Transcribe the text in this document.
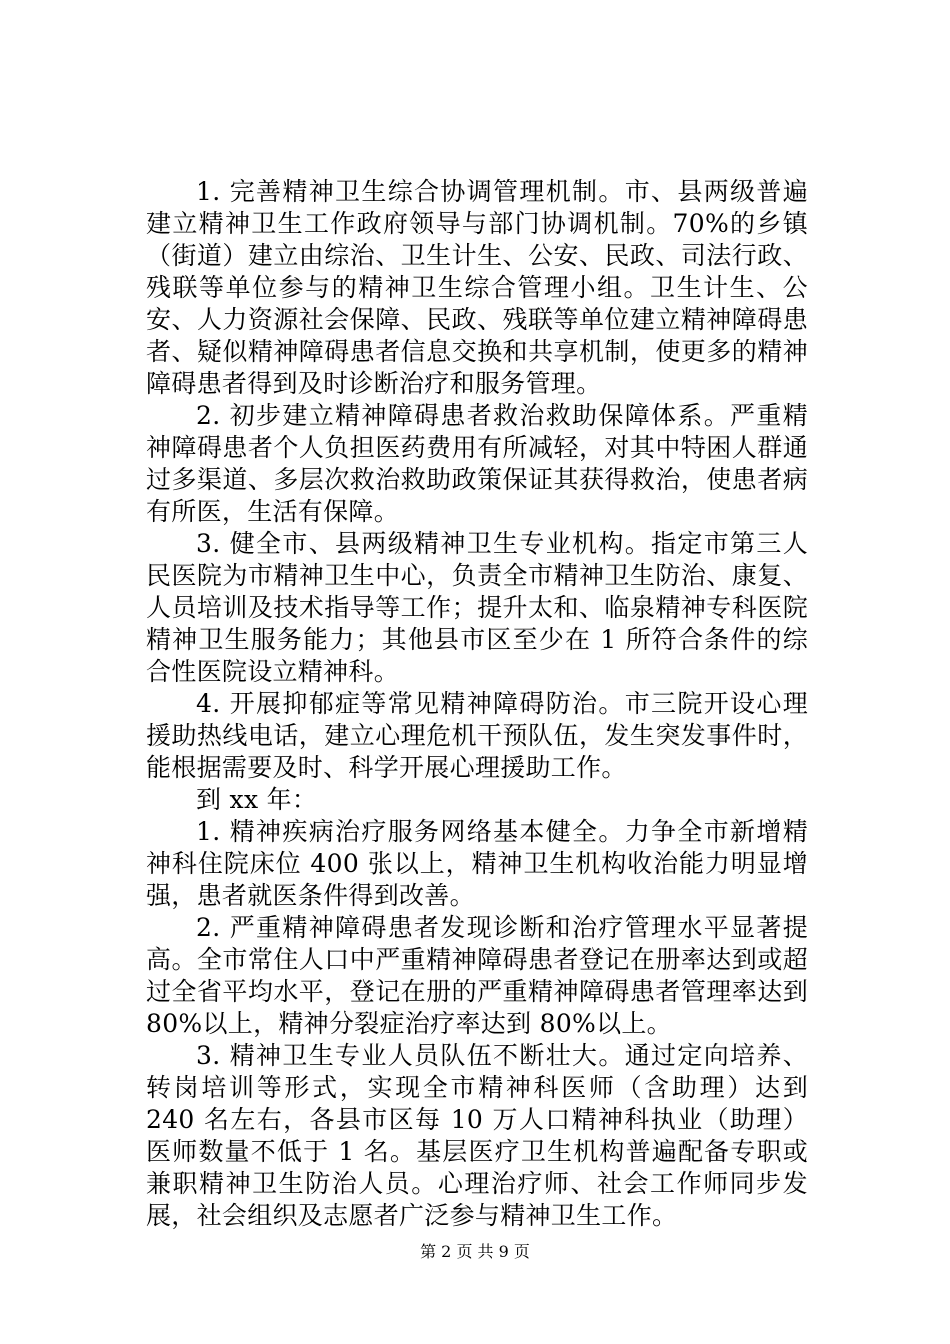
1. 完善精神卫生综合协调管理机制。市、县两级普遍建立精神卫生工作政府领导与部门协调机制。70%的乡镇（街道）建立由综治、卫生计生、公安、民政、司法行政、残联等单位参与的精神卫生综合管理小组。卫生计生、公安、人力资源社会保障、民政、残联等单位建立精神障碍患者、疑似精神障碍患者信息交换和共享机制，使更多的精神障碍患者得到及时诊断治疗和服务管理。

2. 初步建立精神障碍患者救治救助保障体系。严重精神障碍患者个人负担医药费用有所减轻，对其中特困人群通过多渠道、多层次救治救助政策保证其获得救治，使患者病有所医，生活有保障。

3. 健全市、县两级精神卫生专业机构。指定市第三人民医院为市精神卫生中心，负责全市精神卫生防治、康复、人员培训及技术指导等工作；提升太和、临泉精神专科医院精神卫生服务能力；其他县市区至少在 1 所符合条件的综合性医院设立精神科。

4. 开展抑郁症等常见精神障碍防治。市三院开设心理援助热线电话，建立心理危机干预队伍，发生突发事件时，能根据需要及时、科学开展心理援助工作。

到 xx 年：

1. 精神疾病治疗服务网络基本健全。力争全市新增精神科住院床位 400 张以上，精神卫生机构收治能力明显增强，患者就医条件得到改善。

2. 严重精神障碍患者发现诊断和治疗管理水平显著提高。全市常住人口中严重精神障碍患者登记在册率达到或超过全省平均水平，登记在册的严重精神障碍患者管理率达到 80%以上，精神分裂症治疗率达到 80%以上。

3. 精神卫生专业人员队伍不断壮大。通过定向培养、转岗培训等形式，实现全市精神科医师（含助理）达到 240 名左右，各县市区每 10 万人口精神科执业（助理）医师数量不低于 1 名。基层医疗卫生机构普遍配备专职或兼职精神卫生防治人员。心理治疗师、社会工作师同步发展，社会组织及志愿者广泛参与精神卫生工作。

第 2 页 共 9 页
